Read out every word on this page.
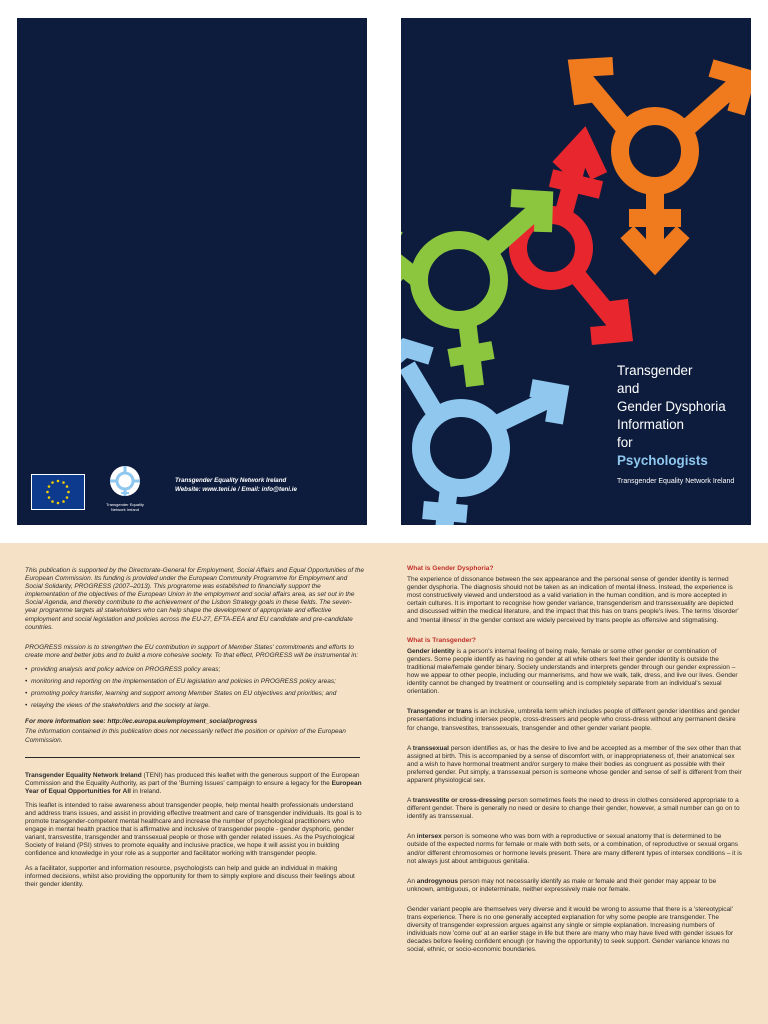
Transgender Equality
Network Ireland
Transgender Equality Network Ireland
Website: www.teni.ie / Email: info@teni.ie
Transgender
and
Gender Dysphoria
Information
for
Psychologists
Transgender Equality Network Ireland

This publication is supported by the Directorate-General for Employment, Social Affairs and Equal Opportunities of the European Commission. Its funding is provided under the European Community Programme for Employment and Social Solidarity, PROGRESS (2007–2013). This programme was established to financially support the implementation of the objectives of the European Union in the employment and social affairs area, as set out in the Social Agenda, and thereby contribute to the achievement of the Lisbon Strategy goals in these fields. The seven-year programme targets all stakeholders who can help shape the development of appropriate and effective employment and social legislation and policies across the EU-27, EFTA-EEA and EU candidate and pre-candidate countries.

PROGRESS mission is to strengthen the EU contribution in support of Member States' commitments and efforts to create more and better jobs and to build a more cohesive society. To that effect, PROGRESS will be instrumental in:

• providing analysis and policy advice on PROGRESS policy areas;
• monitoring and reporting on the implementation of EU legislation and policies in PROGRESS policy areas;
• promoting policy transfer, learning and support among Member States on EU objectives and priorities; and
• relaying the views of the stakeholders and the society at large.

For more information see: http://ec.europa.eu/employment_social/progress

The information contained in this publication does not necessarily reflect the position or opinion of the European Commission.

Transgender Equality Network Ireland (TENI) has produced this leaflet with the generous support of the European Commission and the Equality Authority, as part of the 'Burning Issues' campaign to ensure a legacy for the European Year of Equal Opportunities for All in Ireland.

This leaflet is intended to raise awareness about transgender people, help mental health professionals understand and address trans issues, and assist in providing effective treatment and care of transgender individuals. Its goal is to promote transgender-competent mental healthcare and increase the number of psychological practitioners who engage in mental health practice that is affirmative and inclusive of transgender people - gender dysphoric, gender variant, transvestite, transgender and transsexual people or those with gender related issues. As the Psychological Society of Ireland (PSI) strives to promote equality and inclusive practice, we hope it will assist you in building confidence and knowledge in your role as a supporter and facilitator working with transgender people.

As a facilitator, supporter and information resource, psychologists can help and guide an individual in making informed decisions, whilst also providing the opportunity for them to simply explore and discuss their feelings about their gender identity.

What is Gender Dysphoria?

The experience of dissonance between the sex appearance and the personal sense of gender identity is termed gender dysphoria. The diagnosis should not be taken as an indication of mental illness. Instead, the experience is most constructively viewed and understood as a valid variation in the human condition, and is more accepted in certain cultures. It is important to recognise how gender variance, transgenderism and transsexuality are depicted and discussed within the medical literature, and the impact that this has on trans people's lives. The terms 'disorder' and 'mental illness' in the gender context are widely perceived by trans people as offensive and stigmatising.

What is Transgender?

Gender identity is a person's internal feeling of being male, female or some other gender or combination of genders. Some people identify as having no gender at all while others feel their gender identity is outside the traditional male/female gender binary. Society understands and interprets gender through our gender expression – how we appear to other people, including our mannerisms, and how we walk, talk, dress, and live our lives. Gender identity cannot be changed by treatment or counselling and is completely separate from an individual's sexual orientation.

Transgender or trans is an inclusive, umbrella term which includes people of different gender identities and gender presentations including intersex people, cross-dressers and people who cross-dress without any permanent desire for change, transvestites, transsexuals, transgender and other gender variant people.

A transsexual person identifies as, or has the desire to live and be accepted as a member of the sex other than that assigned at birth. This is accompanied by a sense of discomfort with, or inappropriateness of, their anatomical sex and a wish to have hormonal treatment and/or surgery to make their bodies as congruent as possible with their preferred gender. Put simply, a transsexual person is someone whose gender and sense of self is different from their apparent physiological sex.

A transvestite or cross-dressing person sometimes feels the need to dress in clothes considered appropriate to a different gender. There is generally no need or desire to change their gender, however, a small number can go on to identify as transsexual.

An intersex person is someone who was born with a reproductive or sexual anatomy that is determined to be outside of the expected norms for female or male with both sets, or a combination, of reproductive or sexual organs and/or different chromosomes or hormone levels present. There are many different types of intersex conditions – it is not always just about ambiguous genitalia.

An androgynous person may not necessarily identify as male or female and their gender may appear to be unknown, ambiguous, or indeterminate, neither expressively male nor female.

Gender variant people are themselves very diverse and it would be wrong to assume that there is a 'stereotypical' trans experience. There is no one generally accepted explanation for why some people are transgender. The diversity of transgender expression argues against any single or simple explanation. Increasing numbers of individuals now 'come out' at an earlier stage in life but there are many who may have lived with gender issues for decades before feeling confident enough (or having the opportunity) to seek support. Gender variance knows no social, ethnic, or socio-economic boundaries.
